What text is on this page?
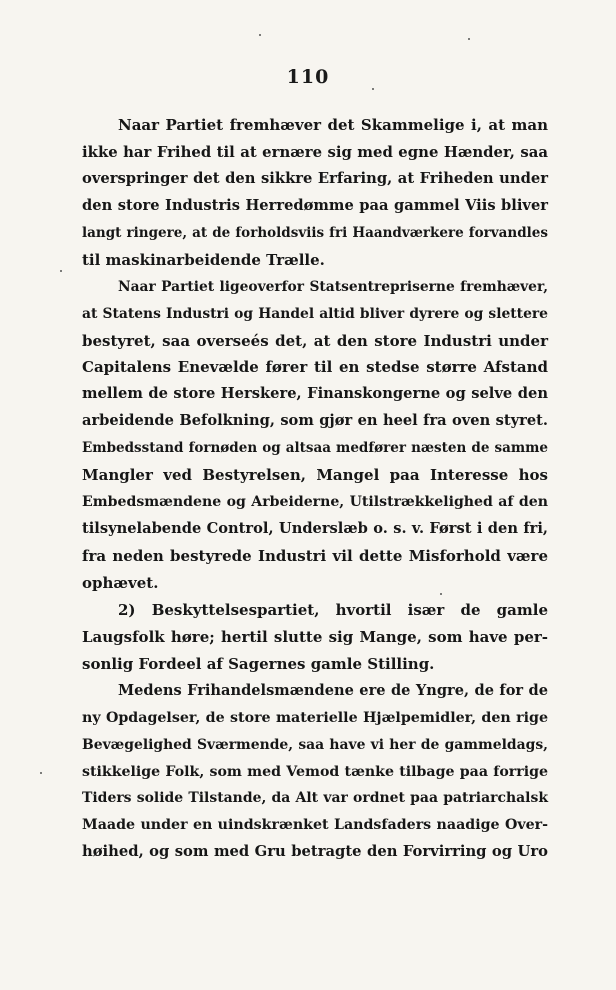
110
Naar Partiet fremhæver det Skammelige i, at man
ikke har Frihed til at ernære sig med egne Hænder, saa
overspringer det den sikkre Erfaring, at Friheden under
den store Industris Herredømme paa gammel Viis bliver
langt ringere, at de forholdsviis fri Haandværkere forvandles
til maskinarbeidende Trælle.
Naar Partiet ligeoverfor Statsentrepriserne fremhæver,
at Statens Industri og Handel altid bliver dyrere og slettere
bestyret, saa overseés det, at den store Industri under
Capitalens Enevælde fører til en stedse større Afstand
mellem de store Herskere, Finanskongerne og selve den
arbeidende Befolkning, som gjør en heel fra oven styret.
Embedsstand fornøden og altsaa medfører næsten de samme
Mangler ved Bestyrelsen, Mangel paa Interesse hos
Embedsmændene og Arbeiderne, Utilstrækkelighed af den
tilsynelabende Control, Underslæb o. s. v. Først i den fri,
fra neden bestyrede Industri vil dette Misforhold være
ophævet.
2) Beskyttelsespartiet, hvortil især de gamle
Laugsfolk høre; hertil slutte sig Mange, som have per-
sonlig Fordeel af Sagernes gamle Stilling.
Medens Frihandelsmændene ere de Yngre, de for de
ny Opdagelser, de store materielle Hjælpemidler, den rige
Bevægelighed Sværmende, saa have vi her de gammeldags,
stikkelige Folk, som med Vemod tænke tilbage paa forrige
Tiders solide Tilstande, da Alt var ordnet paa patriarchalsk
Maade under en uindskrænket Landsfaders naadige Over-
høihed, og som med Gru betragte den Forvirring og Uro
